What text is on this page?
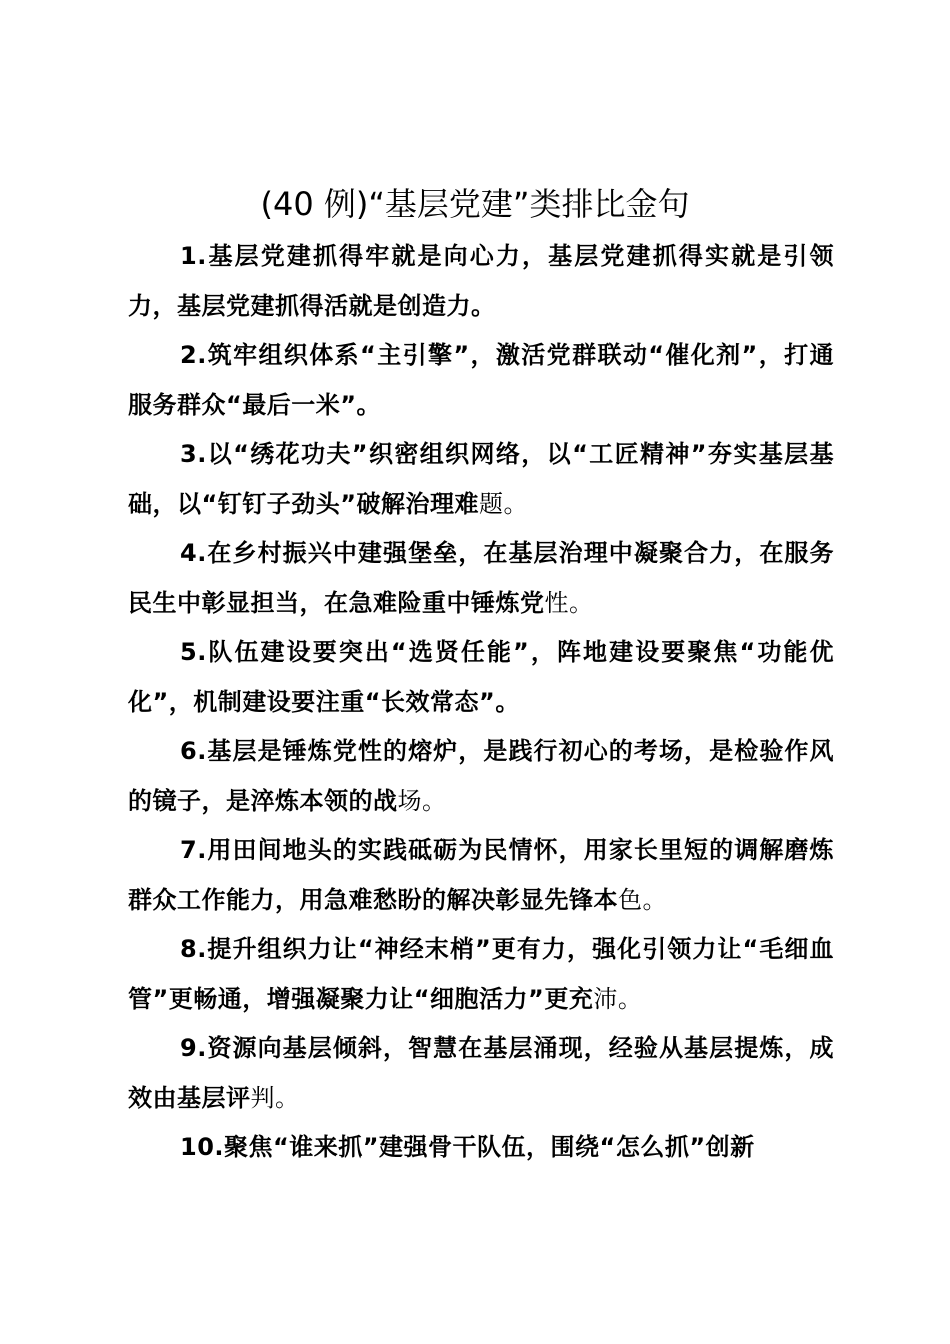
(40 例)“基层党建”类排比金句

1.基层党建抓得牢就是向心力，基层党建抓得实就是引领力，基层党建抓得活就是创造力。

2.筑牢组织体系“主引擎”，激活党群联动“催化剂”，打通服务群众“最后一米”。

3.以“绣花功夫”织密组织网络，以“工匠精神”夯实基层基础，以“钉钉子劲头”破解治理难题。

4.在乡村振兴中建强堡垒，在基层治理中凝聚合力，在服务民生中彰显担当，在急难险重中锤炼党性。

5.队伍建设要突出“选贤任能”，阵地建设要聚焦“功能优化”，机制建设要注重“长效常态”。

6.基层是锤炼党性的熔炉，是践行初心的考场，是检验作风的镜子，是淬炼本领的战场。

7.用田间地头的实践砥砺为民情怀，用家长里短的调解磨炼群众工作能力，用急难愁盼的解决彰显先锋本色。

8.提升组织力让“神经末梢”更有力，强化引领力让“毛细血管”更畅通，增强凝聚力让“细胞活力”更充沛。

9.资源向基层倾斜，智慧在基层涌现，经验从基层提炼，成效由基层评判。

10.聚焦“谁来抓”建强骨干队伍，围绕“怎么抓”创新
